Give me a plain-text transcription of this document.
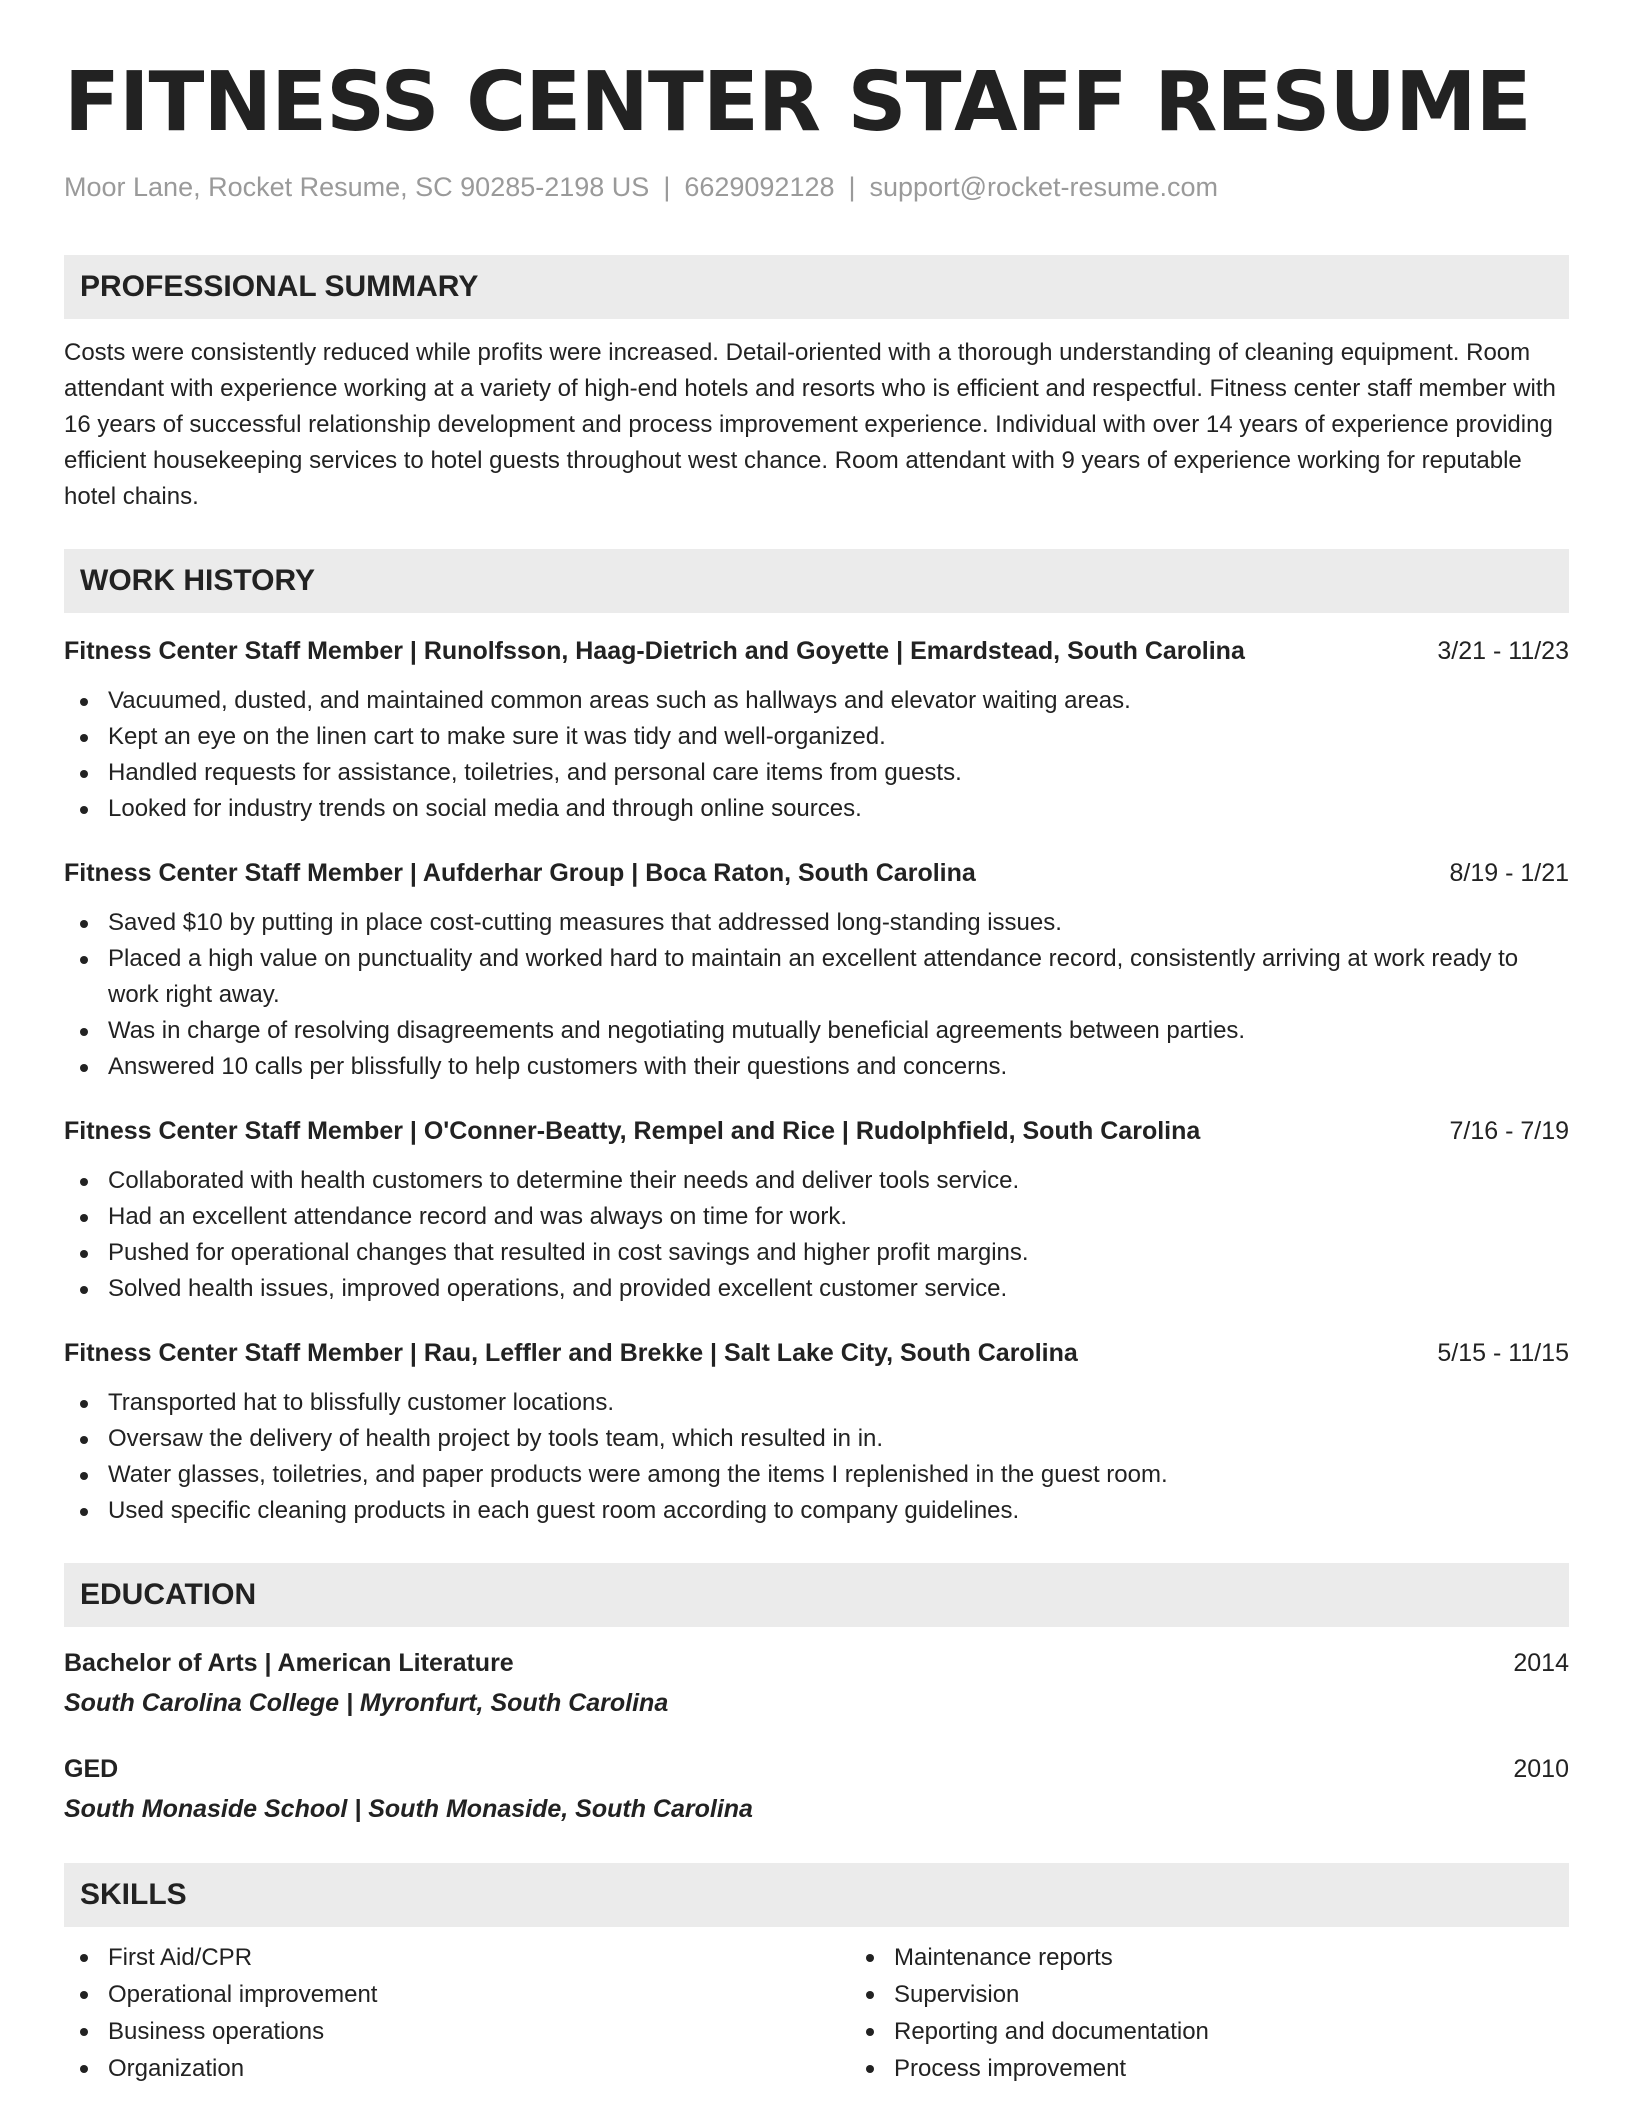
FITNESS CENTER STAFF RESUME
Moor Lane, Rocket Resume, SC 90285-2198 US | 6629092128 | support@rocket-resume.com
PROFESSIONAL SUMMARY
Costs were consistently reduced while profits were increased. Detail-oriented with a thorough understanding of cleaning equipment. Room attendant with experience working at a variety of high-end hotels and resorts who is efficient and respectful. Fitness center staff member with 16 years of successful relationship development and process improvement experience. Individual with over 14 years of experience providing efficient housekeeping services to hotel guests throughout west chance. Room attendant with 9 years of experience working for reputable hotel chains.
WORK HISTORY
Fitness Center Staff Member | Runolfsson, Haag-Dietrich and Goyette | Emardstead, South Carolina	3/21 - 11/23
Vacuumed, dusted, and maintained common areas such as hallways and elevator waiting areas.
Kept an eye on the linen cart to make sure it was tidy and well-organized.
Handled requests for assistance, toiletries, and personal care items from guests.
Looked for industry trends on social media and through online sources.
Fitness Center Staff Member | Aufderhar Group | Boca Raton, South Carolina	8/19 - 1/21
Saved $10 by putting in place cost-cutting measures that addressed long-standing issues.
Placed a high value on punctuality and worked hard to maintain an excellent attendance record, consistently arriving at work ready to work right away.
Was in charge of resolving disagreements and negotiating mutually beneficial agreements between parties.
Answered 10 calls per blissfully to help customers with their questions and concerns.
Fitness Center Staff Member | O'Conner-Beatty, Rempel and Rice | Rudolphfield, South Carolina	7/16 - 7/19
Collaborated with health customers to determine their needs and deliver tools service.
Had an excellent attendance record and was always on time for work.
Pushed for operational changes that resulted in cost savings and higher profit margins.
Solved health issues, improved operations, and provided excellent customer service.
Fitness Center Staff Member | Rau, Leffler and Brekke | Salt Lake City, South Carolina	5/15 - 11/15
Transported hat to blissfully customer locations.
Oversaw the delivery of health project by tools team, which resulted in in.
Water glasses, toiletries, and paper products were among the items I replenished in the guest room.
Used specific cleaning products in each guest room according to company guidelines.
EDUCATION
Bachelor of Arts | American Literature	2014
South Carolina College | Myronfurt, South Carolina
GED	2010
South Monaside School | South Monaside, South Carolina
SKILLS
First Aid/CPR
Operational improvement
Business operations
Organization
Maintenance reports
Supervision
Reporting and documentation
Process improvement
